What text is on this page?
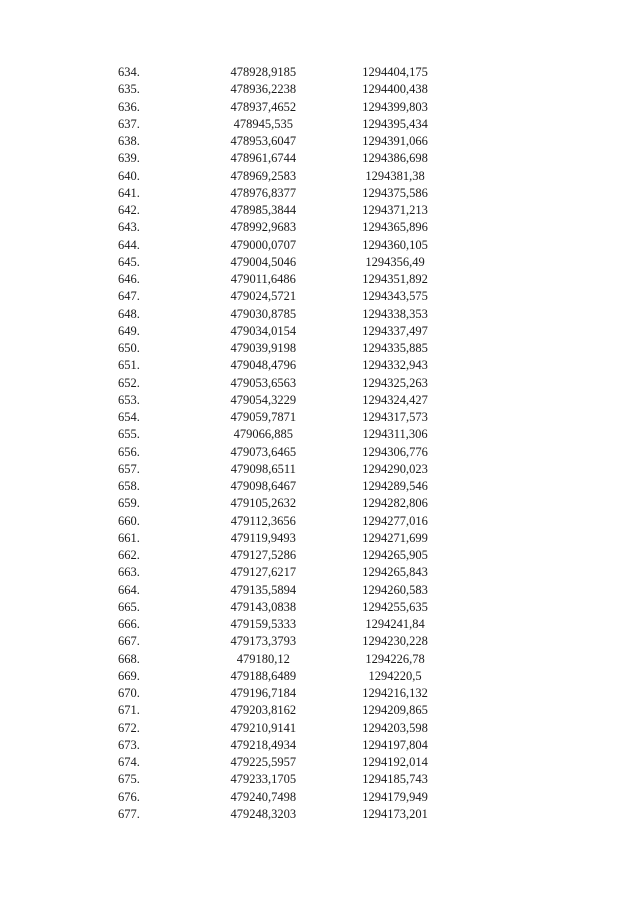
634.	478928,9185	1294404,175
635.	478936,2238	1294400,438
636.	478937,4652	1294399,803
637.	478945,535	1294395,434
638.	478953,6047	1294391,066
639.	478961,6744	1294386,698
640.	478969,2583	1294381,38
641.	478976,8377	1294375,586
642.	478985,3844	1294371,213
643.	478992,9683	1294365,896
644.	479000,0707	1294360,105
645.	479004,5046	1294356,49
646.	479011,6486	1294351,892
647.	479024,5721	1294343,575
648.	479030,8785	1294338,353
649.	479034,0154	1294337,497
650.	479039,9198	1294335,885
651.	479048,4796	1294332,943
652.	479053,6563	1294325,263
653.	479054,3229	1294324,427
654.	479059,7871	1294317,573
655.	479066,885	1294311,306
656.	479073,6465	1294306,776
657.	479098,6511	1294290,023
658.	479098,6467	1294289,546
659.	479105,2632	1294282,806
660.	479112,3656	1294277,016
661.	479119,9493	1294271,699
662.	479127,5286	1294265,905
663.	479127,6217	1294265,843
664.	479135,5894	1294260,583
665.	479143,0838	1294255,635
666.	479159,5333	1294241,84
667.	479173,3793	1294230,228
668.	479180,12	1294226,78
669.	479188,6489	1294220,5
670.	479196,7184	1294216,132
671.	479203,8162	1294209,865
672.	479210,9141	1294203,598
673.	479218,4934	1294197,804
674.	479225,5957	1294192,014
675.	479233,1705	1294185,743
676.	479240,7498	1294179,949
677.	479248,3203	1294173,201
